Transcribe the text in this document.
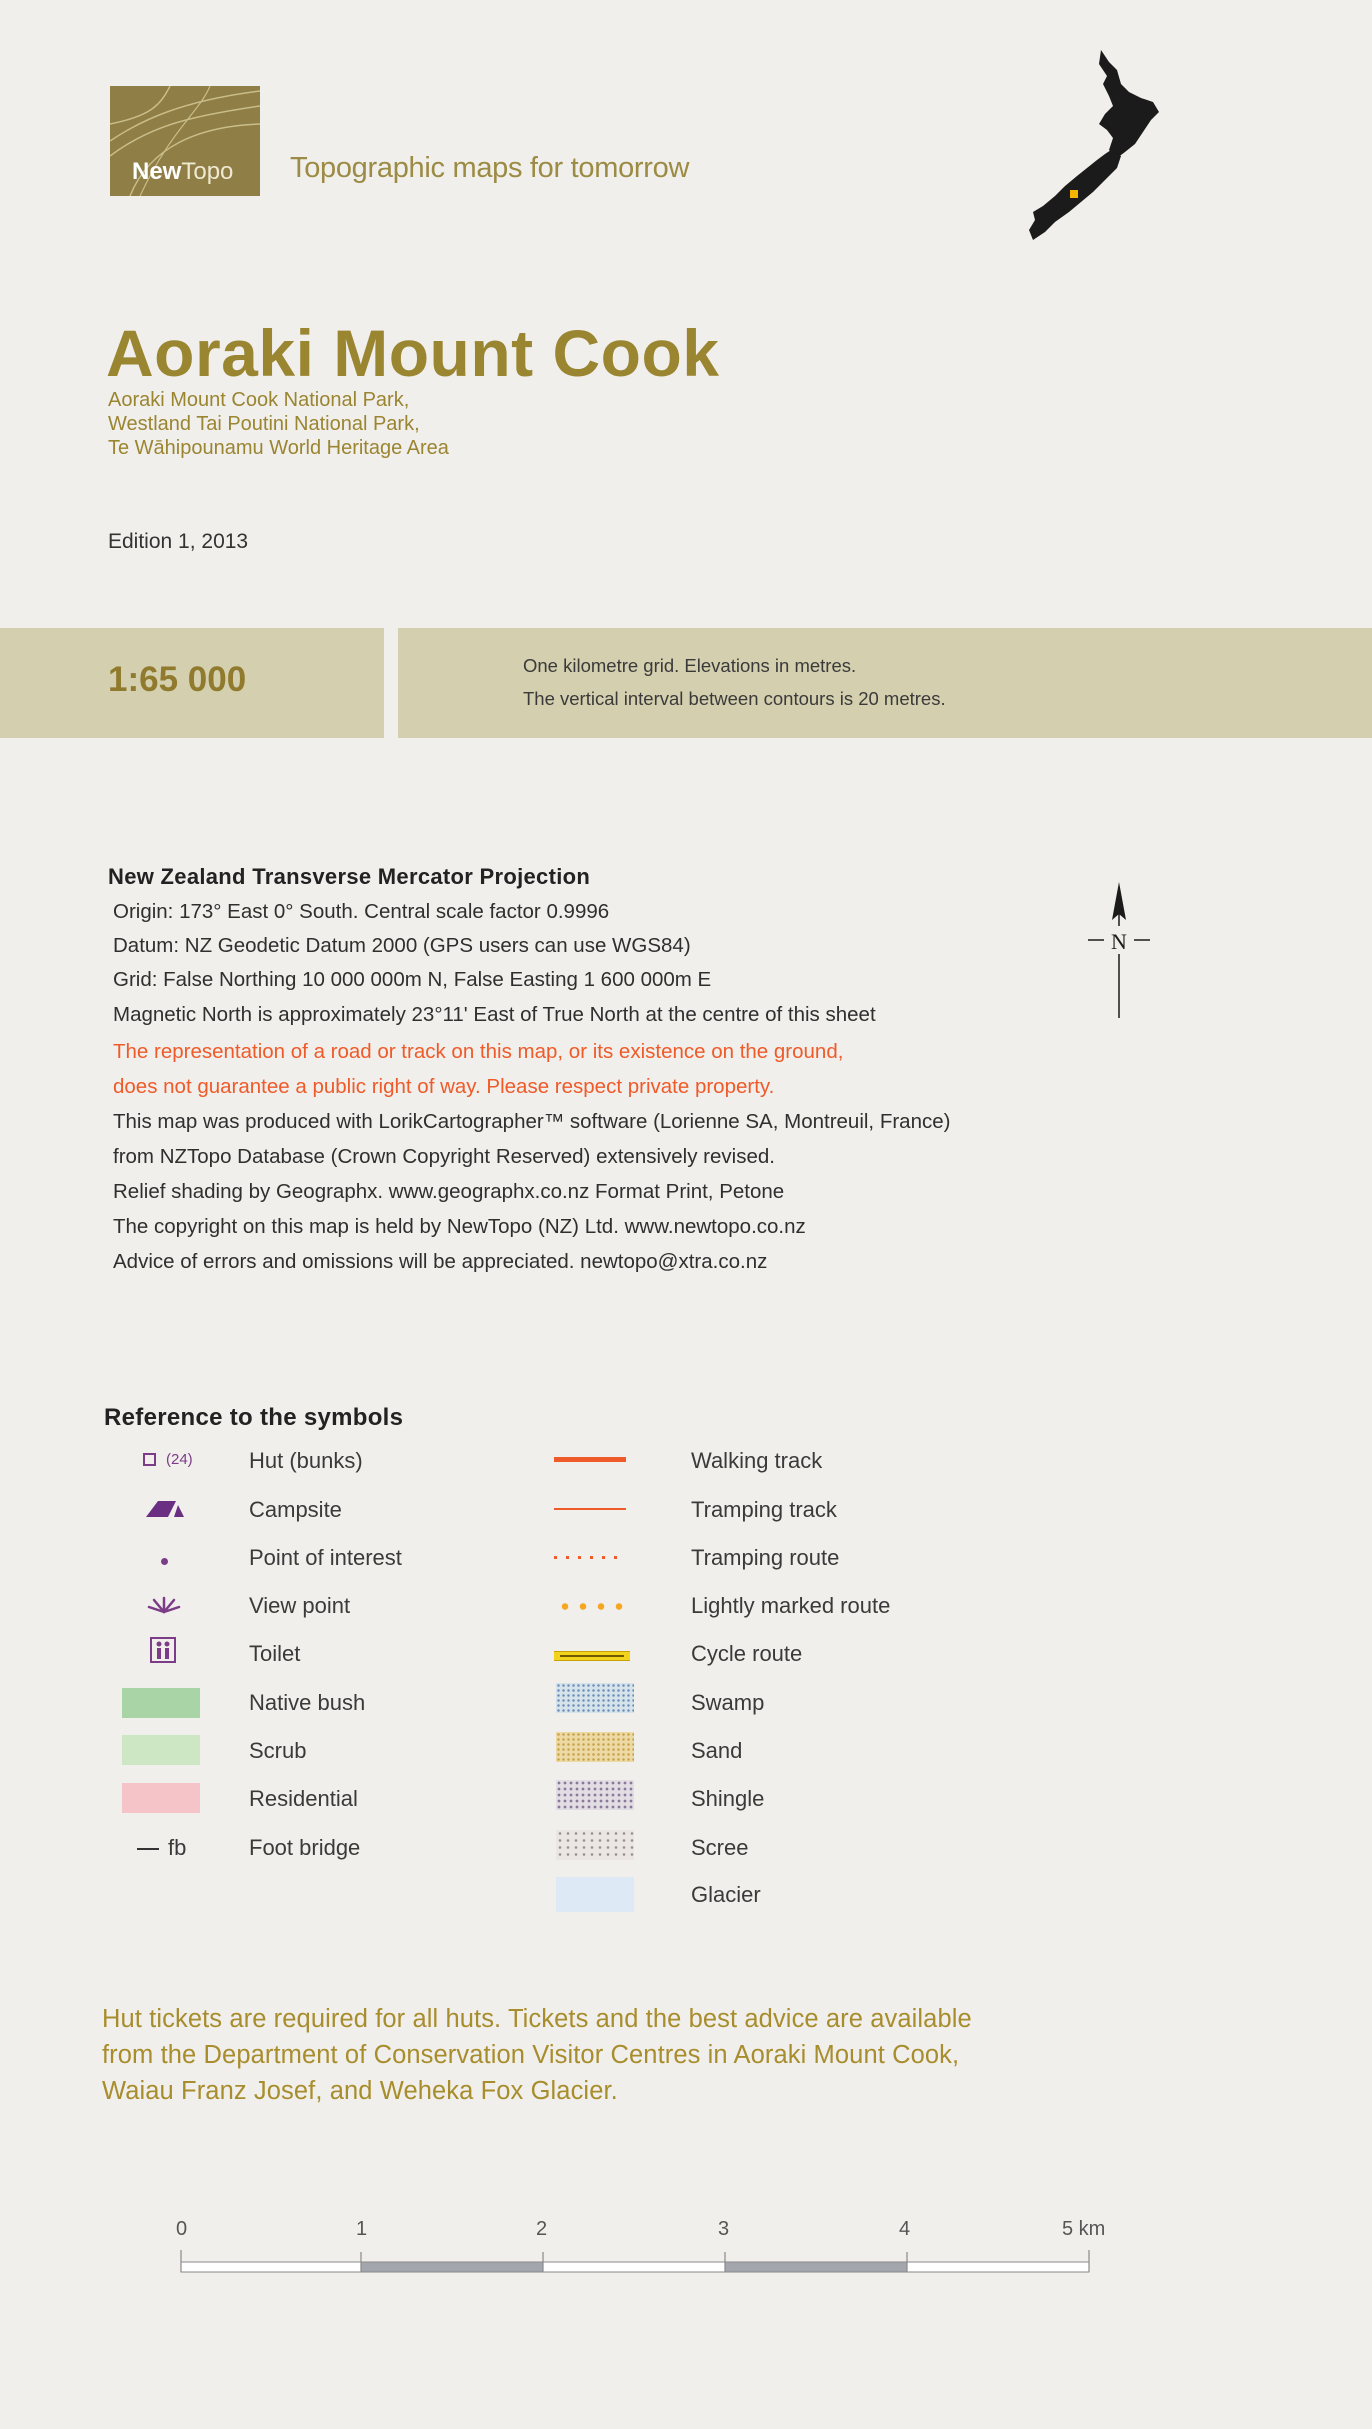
NewTopo Topographic maps for tomorrow
Aoraki Mount Cook
Aoraki Mount Cook National Park,
Westland Tai Poutini National Park,
Te Wāhipounamu World Heritage Area
Edition 1, 2013
1:65 000	One kilometre grid. Elevations in metres.
The vertical interval between contours is 20 metres.
New Zealand Transverse Mercator Projection
Origin: 173° East 0° South. Central scale factor 0.9996
Datum: NZ Geodetic Datum 2000 (GPS users can use WGS84)
Grid: False Northing 10 000 000m N, False Easting 1 600 000m E
Magnetic North is approximately 23°11' East of True North at the centre of this sheet
The representation of a road or track on this map, or its existence on the ground,
does not guarantee a public right of way. Please respect private property.
This map was produced with LorikCartographer™ software (Lorienne SA, Montreuil, France)
from NZTopo Database (Crown Copyright Reserved) extensively revised.
Relief shading by Geographx. www.geographx.co.nz Format Print, Petone
The copyright on this map is held by NewTopo (NZ) Ltd. www.newtopo.co.nz
Advice of errors and omissions will be appreciated. newtopo@xtra.co.nz
N
Reference to the symbols
(24)
fb
Hut (bunks)
Campsite
Point of interest
View point
Toilet
Native bush
Scrub
Residential
Foot bridge
Walking track
Tramping track
Tramping route
Lightly marked route
Cycle route
Swamp
Sand
Shingle
Scree
Glacier
Hut tickets are required for all huts. Tickets and the best advice are available
from the Department of Conservation Visitor Centres in Aoraki Mount Cook,
Waiau Franz Josef, and Weheka Fox Glacier.
0	1	2	3	4	5 km
